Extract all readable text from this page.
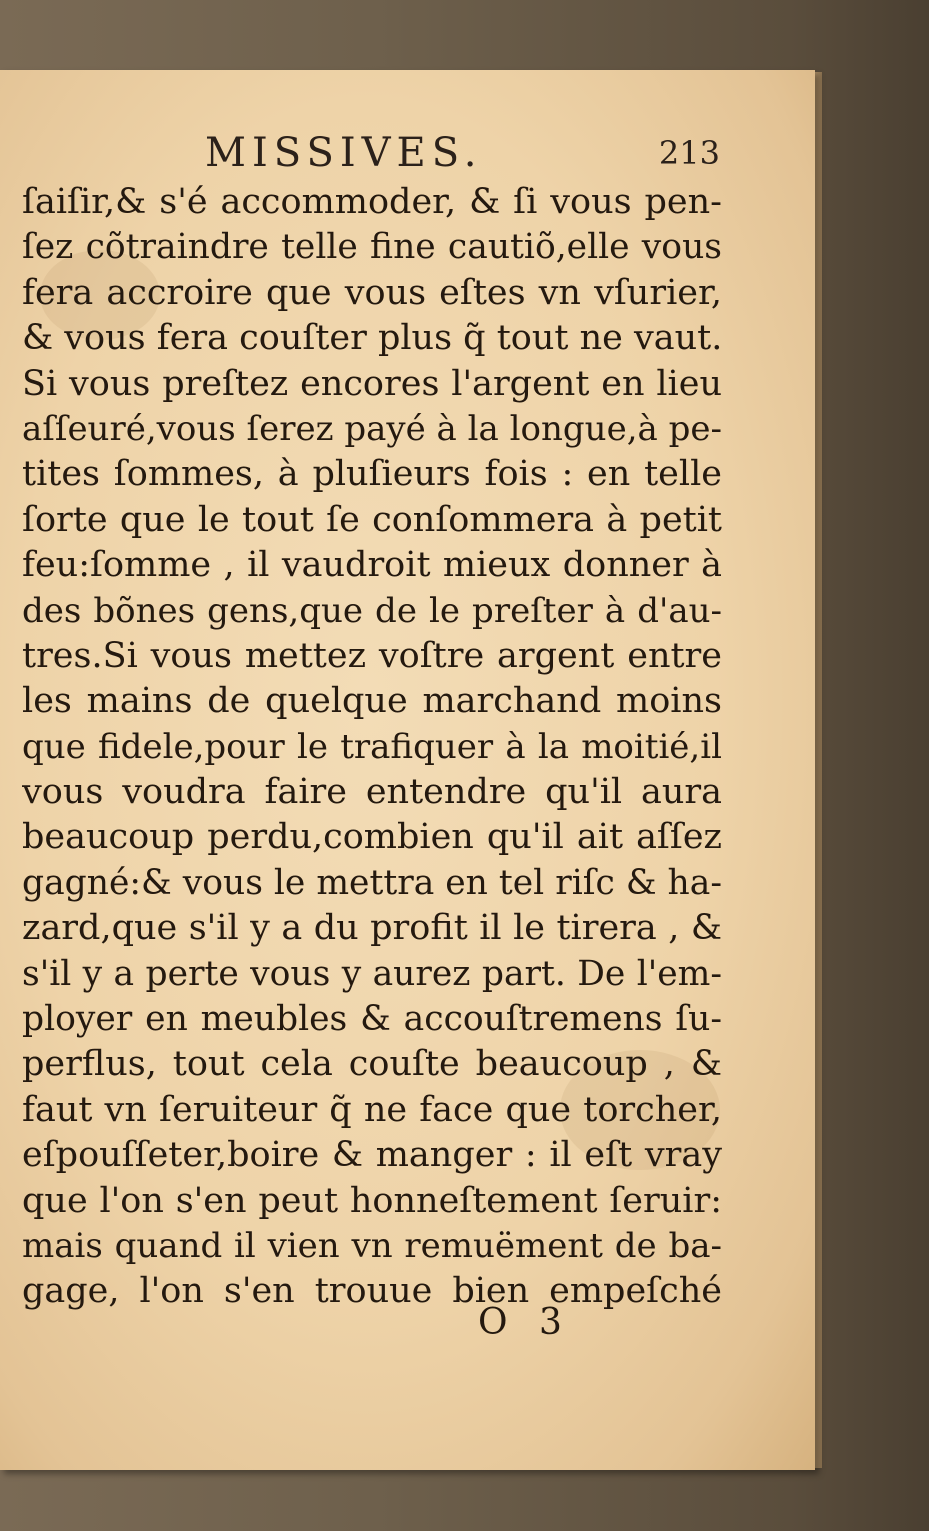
MISSIVES.	213
ſaiſir,& s'é accommoder, & ſi vous pen-
ſez cõtraindre telle fine cautiõ,elle vous
fera accroire que vous eſtes vn vſurier,
& vous fera couſter plus q̃ tout ne vaut.
Si vous preſtez encores l'argent en lieu
aſſeuré,vous ſerez payé à la longue,à pe-
tites ſommes, à pluſieurs fois : en telle
ſorte que le tout ſe conſommera à petit
feu:ſomme , il vaudroit mieux donner à
des bõnes gens,que de le preſter à d'au-
tres.Si vous mettez voſtre argent entre
les mains de quelque marchand moins
que fidele,pour le trafiquer à la moitié,il
vous voudra faire entendre qu'il aura
beaucoup perdu,combien qu'il ait aſſez
gagné:& vous le mettra en tel riſc & ha-
zard,que s'il y a du profit il le tirera , &
s'il y a perte vous y aurez part. De l'em-
ployer en meubles & accouſtremens ſu-
perflus, tout cela couſte beaucoup , &
faut vn ſeruiteur q̃ ne face que torcher,
eſpouſſeter,boire & manger : il eſt vray
que l'on s'en peut honneſtement ſeruir:
mais quand il vien vn remuëment de ba-
gage, l'on s'en trouue bien empeſché
O 3
